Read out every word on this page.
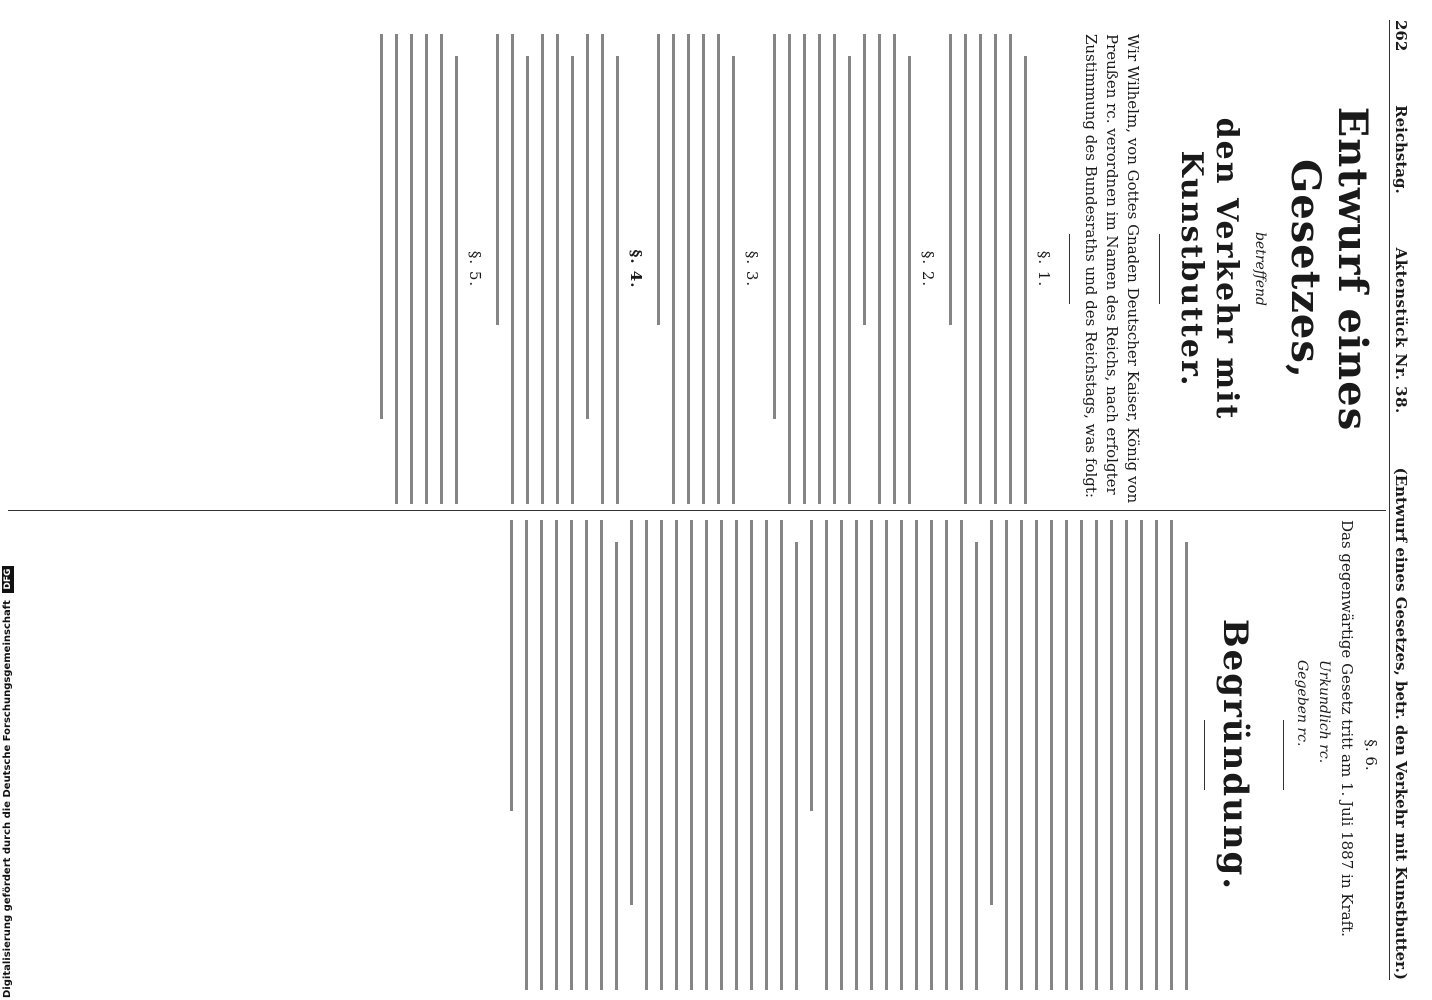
262
Reichstag.
Aktenstück Nr. 38.
(Entwurf eines Gesetzes, betr. den Verkehr mit Kunstbutter.)
Entwurf eines Gesetzes,
betreffend
den Verkehr mit Kunstbutter.
Wir Wilhelm, von Gottes Gnaden Deutscher Kaiser, König von Preußen rc. verordnen im Namen des Reichs, nach erfolgter Zustimmung des Bundesraths und des Reichstags, was folgt:
§. 1.
§. 2.
§. 3.
§. 4.
§. 5.
§. 6.
Das gegenwärtige Gesetz tritt am 1. Juli 1887 in Kraft.
Urkundlich rc.
Gegeben rc.
Begründung.
Digitalisierung gefördert durch die Deutsche Forschungsgemeinschaft DFG
